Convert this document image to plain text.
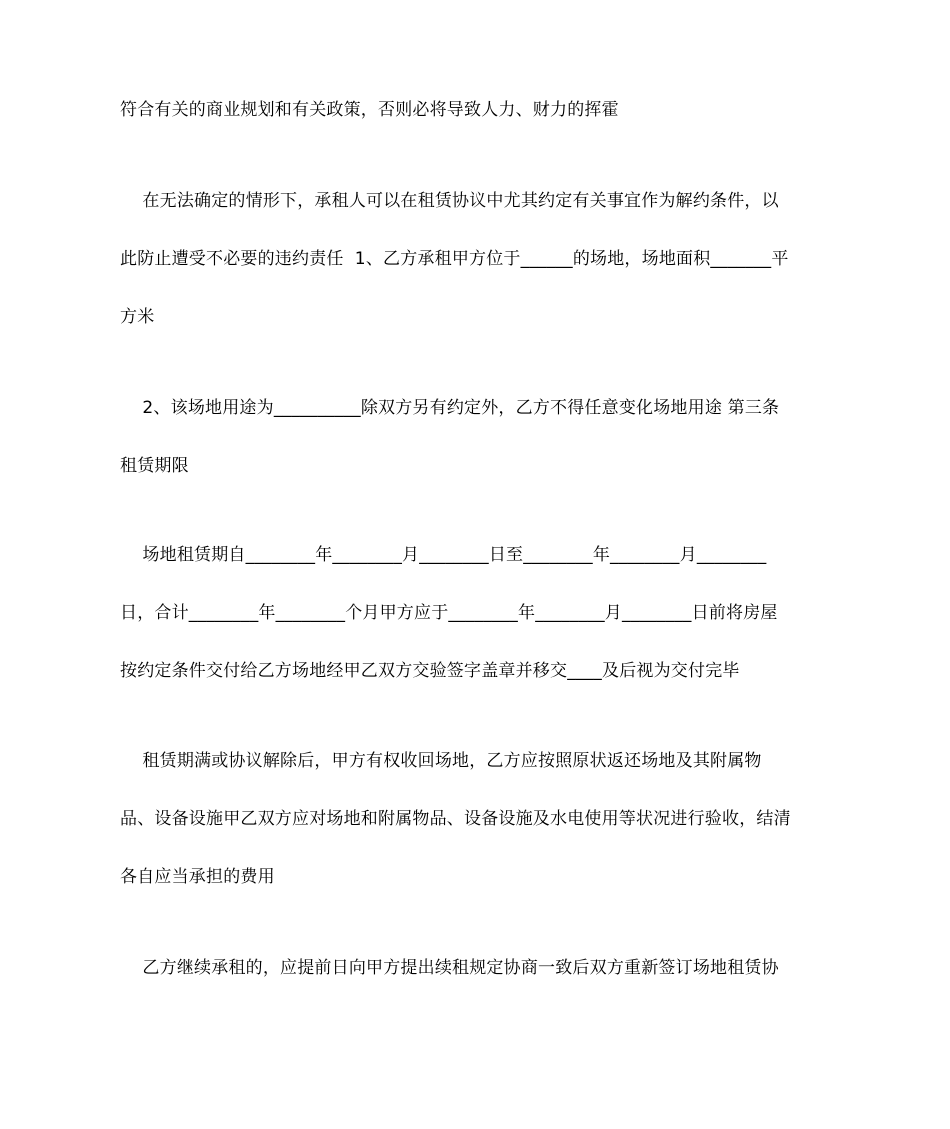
符合有关的商业规划和有关政策，否则必将导致人力、财力的挥霍
在无法确定的情形下，承租人可以在租赁协议中尤其约定有关事宜作为解约条件，以
此防止遭受不必要的违约责任  1、乙方承租甲方位于______的场地，场地面积_______平
方米
2、该场地用途为__________除双方另有约定外，乙方不得任意变化场地用途 第三条
租赁期限
场地租赁期自________年________月________日至________年________月________
日，合计________年________个月甲方应于________年________月________日前将房屋
按约定条件交付给乙方场地经甲乙双方交验签字盖章并移交____及后视为交付完毕
租赁期满或协议解除后，甲方有权收回场地，乙方应按照原状返还场地及其附属物
品、设备设施甲乙双方应对场地和附属物品、设备设施及水电使用等状况进行验收，结清
各自应当承担的费用
乙方继续承租的，应提前日向甲方提出续租规定协商一致后双方重新签订场地租赁协
